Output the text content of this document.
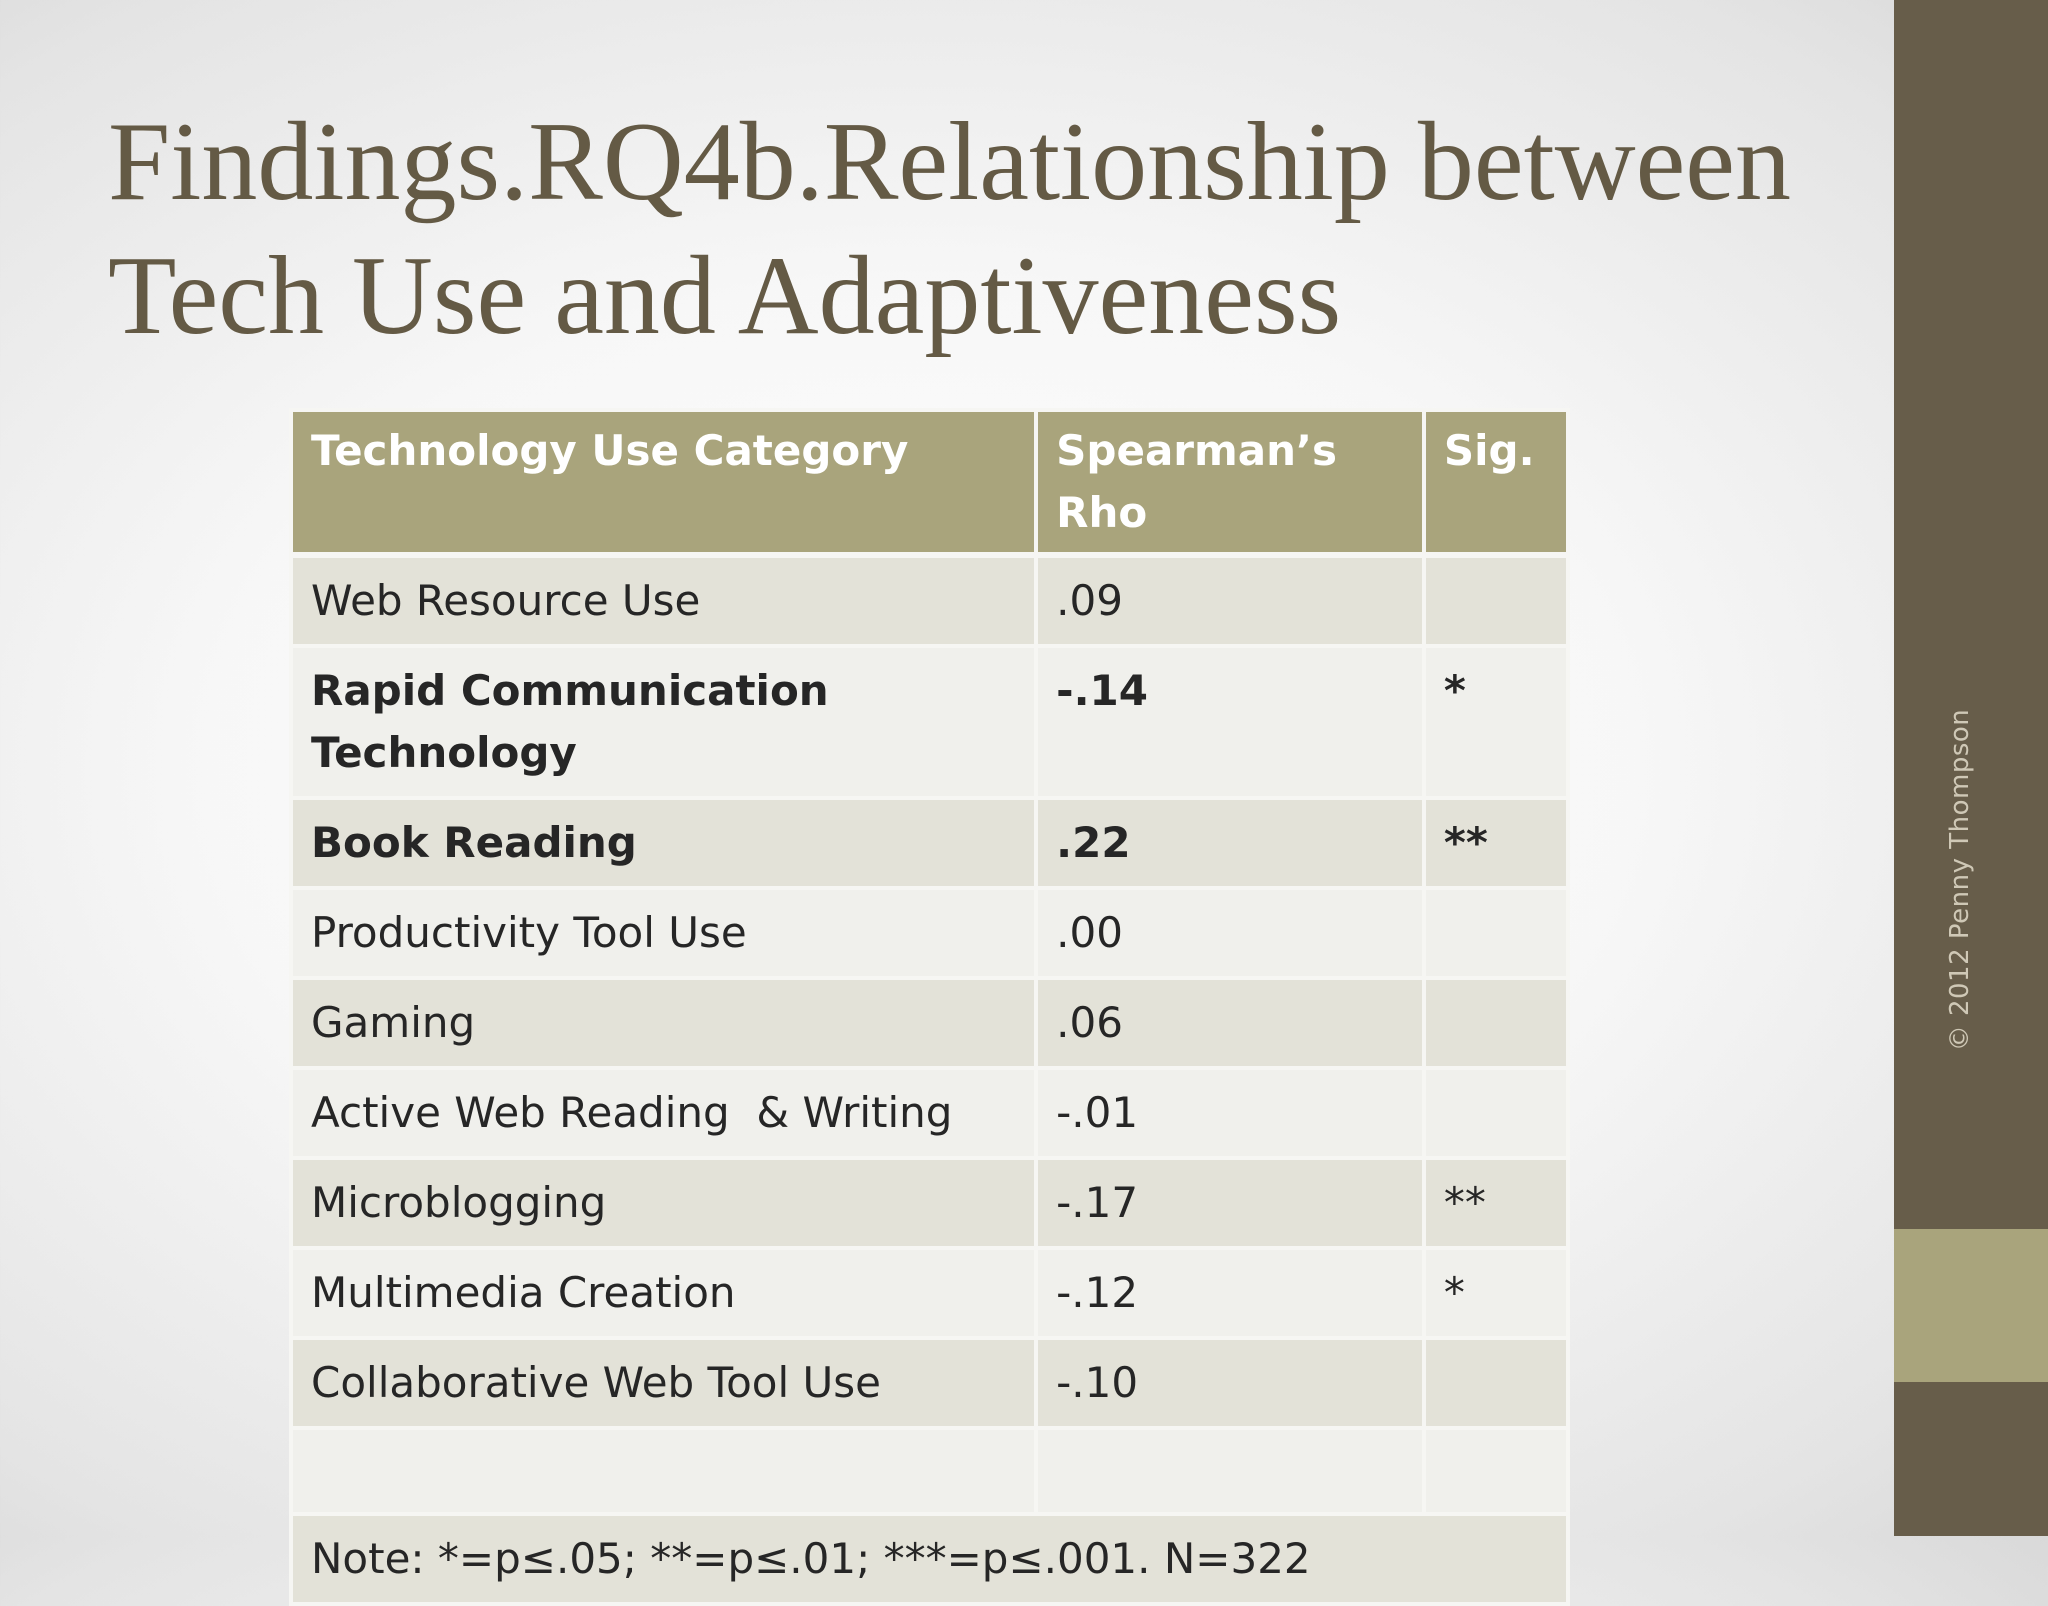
Findings.RQ4b.Relationship between
Tech Use and Adaptiveness
Technology Use Category	Spearman’s Rho	Sig.
Web Resource Use	.09	
Rapid Communication Technology	-.14	*
Book Reading	.22	**
Productivity Tool Use	.00	
Gaming	.06	
Active Web Reading  & Writing	-.01	
Microblogging	-.17	**
Multimedia Creation	-.12	*
Collaborative Web Tool Use	-.10	

Note: *=p≤.05; **=p≤.01; ***=p≤.001. N=322		
© 2012 Penny Thompson
